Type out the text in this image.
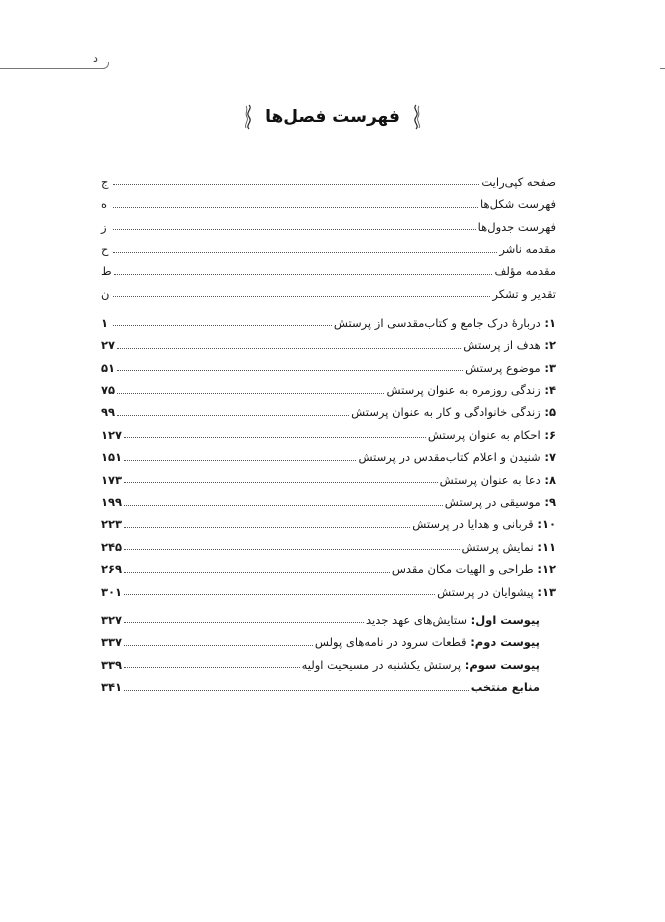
د
فهرست فصل‌ها
صفحه کپی‌رایت
ج
فهرست شکل‌ها
ه
فهرست جدول‌ها
ز
مقدمه ناشر
ح
مقدمه مؤلف
ط
تقدیر و تشکر
ن
۱: دربارهٔ درک جامع و کتاب‌مقدسی از پرستش
۱
۲: هدف از پرستش
۲۷
۳: موضوع پرستش
۵۱
۴: زندگی روزمره به عنوان پرستش
۷۵
۵: زندگی خانوادگی و کار به عنوان پرستش
۹۹
۶: احکام به عنوان پرستش
۱۲۷
۷: شنیدن و اعلام کتاب‌مقدس در پرستش
۱۵۱
۸: دعا به عنوان پرستش
۱۷۳
۹: موسیقی در پرستش
۱۹۹
۱۰: قربانی و هدایا در پرستش
۲۲۳
۱۱: نمایش پرستش
۲۴۵
۱۲: طراحی و الهیات مکان مقدس
۲۶۹
۱۳: پیشوایان در پرستش
۳۰۱
پیوست اول: ستایش‌های عهد جدید
۳۲۷
پیوست دوم: قطعات سرود در نامه‌های پولس
۳۳۷
پیوست سوم: پرستش یکشنبه در مسیحیت اولیه
۳۳۹
منابع منتخب
۳۴۱
